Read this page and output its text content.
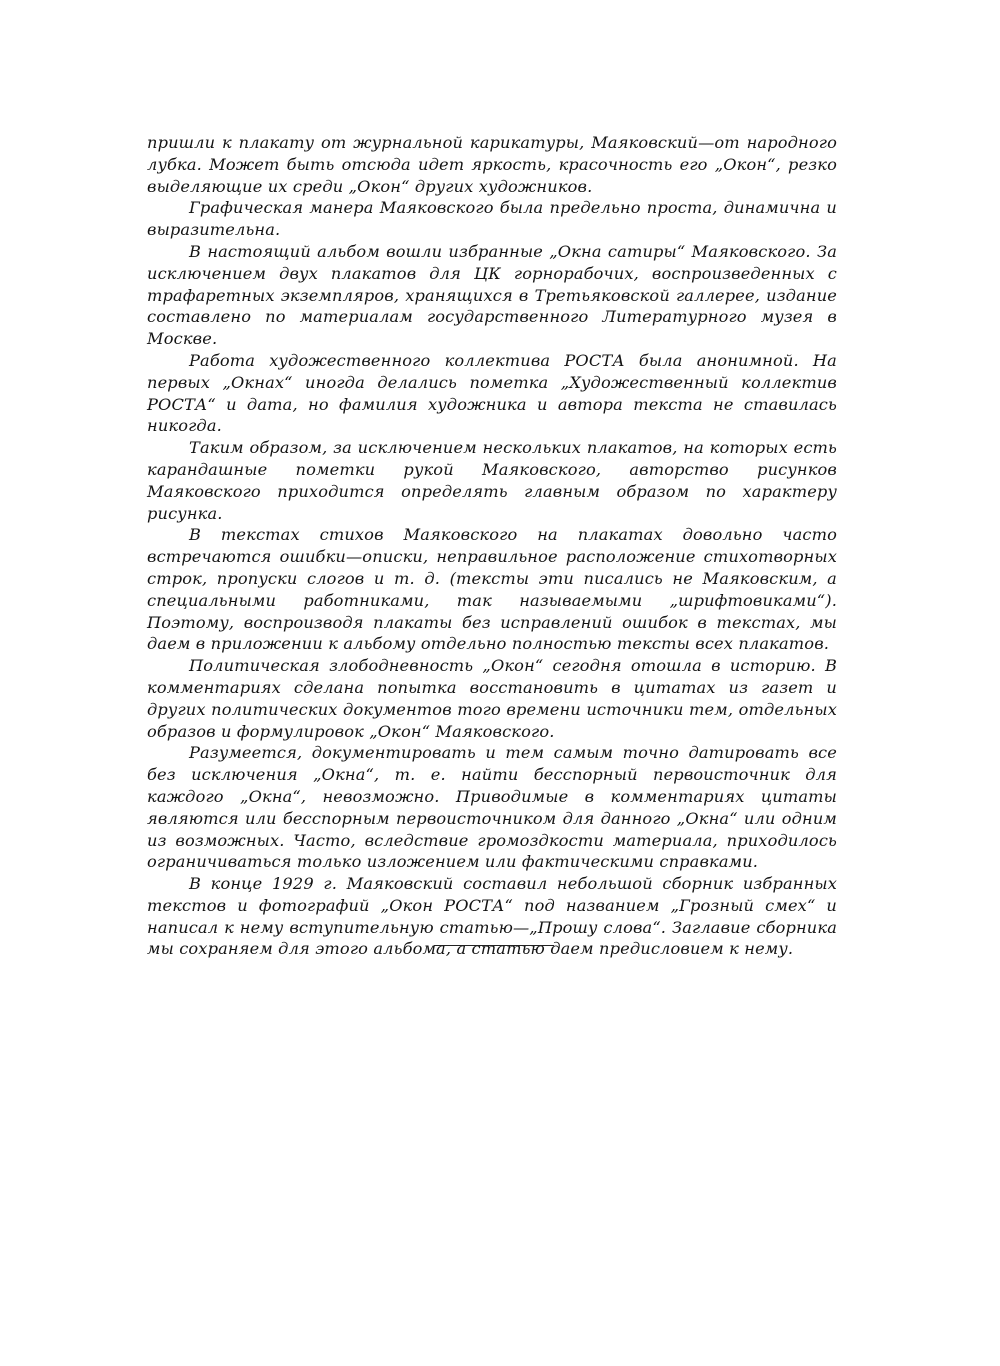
пришли к плакату от журнальной карикатуры, Маяковский—от народного лубка. Может быть отсюда идет яркость, красочность его „Окон“, резко выделяющие их среди „Окон“ других художников.

Графическая манера Маяковского была предельно проста, динамична и выразительна.

В настоящий альбом вошли избранные „Окна сатиры“ Маяковского. За исключением двух плакатов для ЦК горнорабочих, воспроизведенных с трафаретных экземпляров, хранящихся в Третьяковской галлерее, издание составлено по материалам государственного Литературного музея в Москве.

Работа художественного коллектива РОСТА была анонимной. На первых „Окнах“ иногда делались пометка „Художественный коллектив РОСТА“ и дата, но фамилия художника и автора текста не ставилась никогда.

Таким образом, за исключением нескольких плакатов, на которых есть карандашные пометки рукой Маяковского, авторство рисунков Маяковского приходится определять главным образом по характеру рисунка.

В текстах стихов Маяковского на плакатах довольно часто встречаются ошибки—описки, неправильное расположение стихотворных строк, пропуски слогов и т. д. (тексты эти писались не Маяковским, а специальными работниками, так называемыми „шрифтовиками“). Поэтому, воспроизводя плакаты без исправлений ошибок в текстах, мы даем в приложении к альбому отдельно полностью тексты всех плакатов.

Политическая злободневность „Окон“ сегодня отошла в историю. В комментариях сделана попытка восстановить в цитатах из газет и других политических документов того времени источники тем, отдельных образов и формулировок „Окон“ Маяковского.

Разумеется, документировать и тем самым точно датировать все без исключения „Окна“, т. е. найти бесспорный первоисточник для каждого „Окна“, невозможно. Приводимые в комментариях цитаты являются или бесспорным первоисточником для данного „Окна“ или одним из возможных. Часто, вследствие громоздкости материала, приходилось ограничиваться только изложением или фактическими справками.

В конце 1929 г. Маяковский составил небольшой сборник избранных текстов и фотографий „Окон РОСТА“ под названием „Грозный смех“ и написал к нему вступительную статью—„Прошу слова“. Заглавие сборника мы сохраняем для этого альбома, а статью даем предисловием к нему.
